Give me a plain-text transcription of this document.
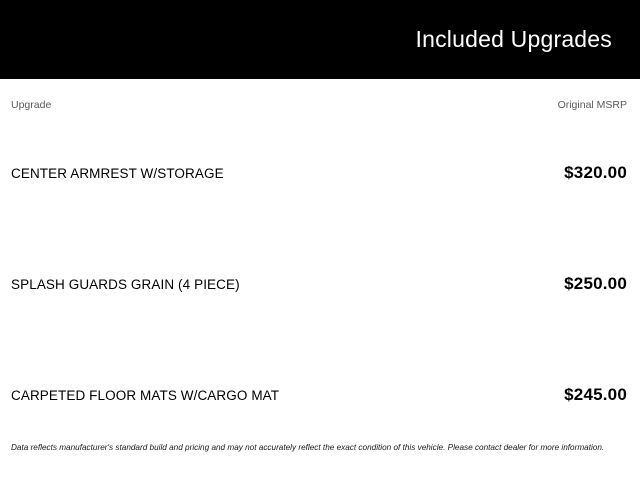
Included Upgrades
Upgrade	Original MSRP
CENTER ARMREST W/STORAGE	$320.00
SPLASH GUARDS GRAIN (4 PIECE)	$250.00
CARPETED FLOOR MATS W/CARGO MAT	$245.00
Data reflects manufacturer's standard build and pricing and may not accurately reflect the exact condition of this vehicle. Please contact dealer for more information.
